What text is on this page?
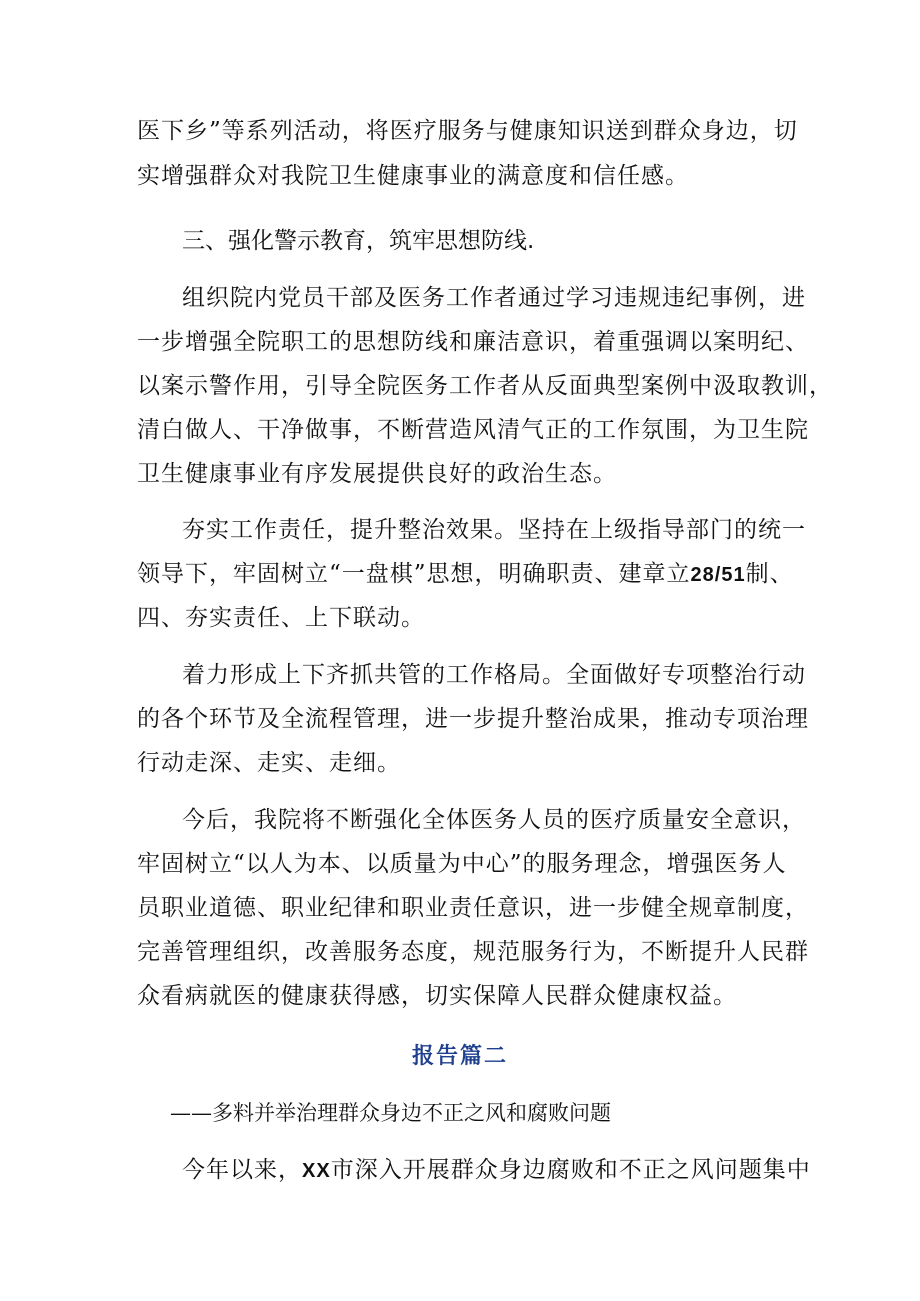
医下乡”等系列活动，将医疗服务与健康知识送到群众身边，切
实增强群众对我院卫生健康事业的满意度和信任感。
三、强化警示教育，筑牢思想防线.
组织院内党员干部及医务工作者通过学习违规违纪事例，进
一步增强全院职工的思想防线和廉洁意识，着重强调以案明纪、
以案示警作用，引导全院医务工作者从反面典型案例中汲取教训，
清白做人、干净做事，不断营造风清气正的工作氛围，为卫生院
卫生健康事业有序发展提供良好的政治生态。
夯实工作责任，提升整治效果。坚持在上级指导部门的统一
领导下，牢固树立“一盘棋”思想，明确职责、建章立28/51制、
四、夯实责任、上下联动。
着力形成上下齐抓共管的工作格局。全面做好专项整治行动
的各个环节及全流程管理，进一步提升整治成果，推动专项治理
行动走深、走实、走细。
今后，我院将不断强化全体医务人员的医疗质量安全意识，
牢固树立“以人为本、以质量为中心”的服务理念，增强医务人
员职业道德、职业纪律和职业责任意识，进一步健全规章制度，
完善管理组织，改善服务态度，规范服务行为，不断提升人民群
众看病就医的健康获得感，切实保障人民群众健康权益。
报告篇二
——多料并举治理群众身边不正之风和腐败问题
今年以来，XX市深入开展群众身边腐败和不正之风问题集中
